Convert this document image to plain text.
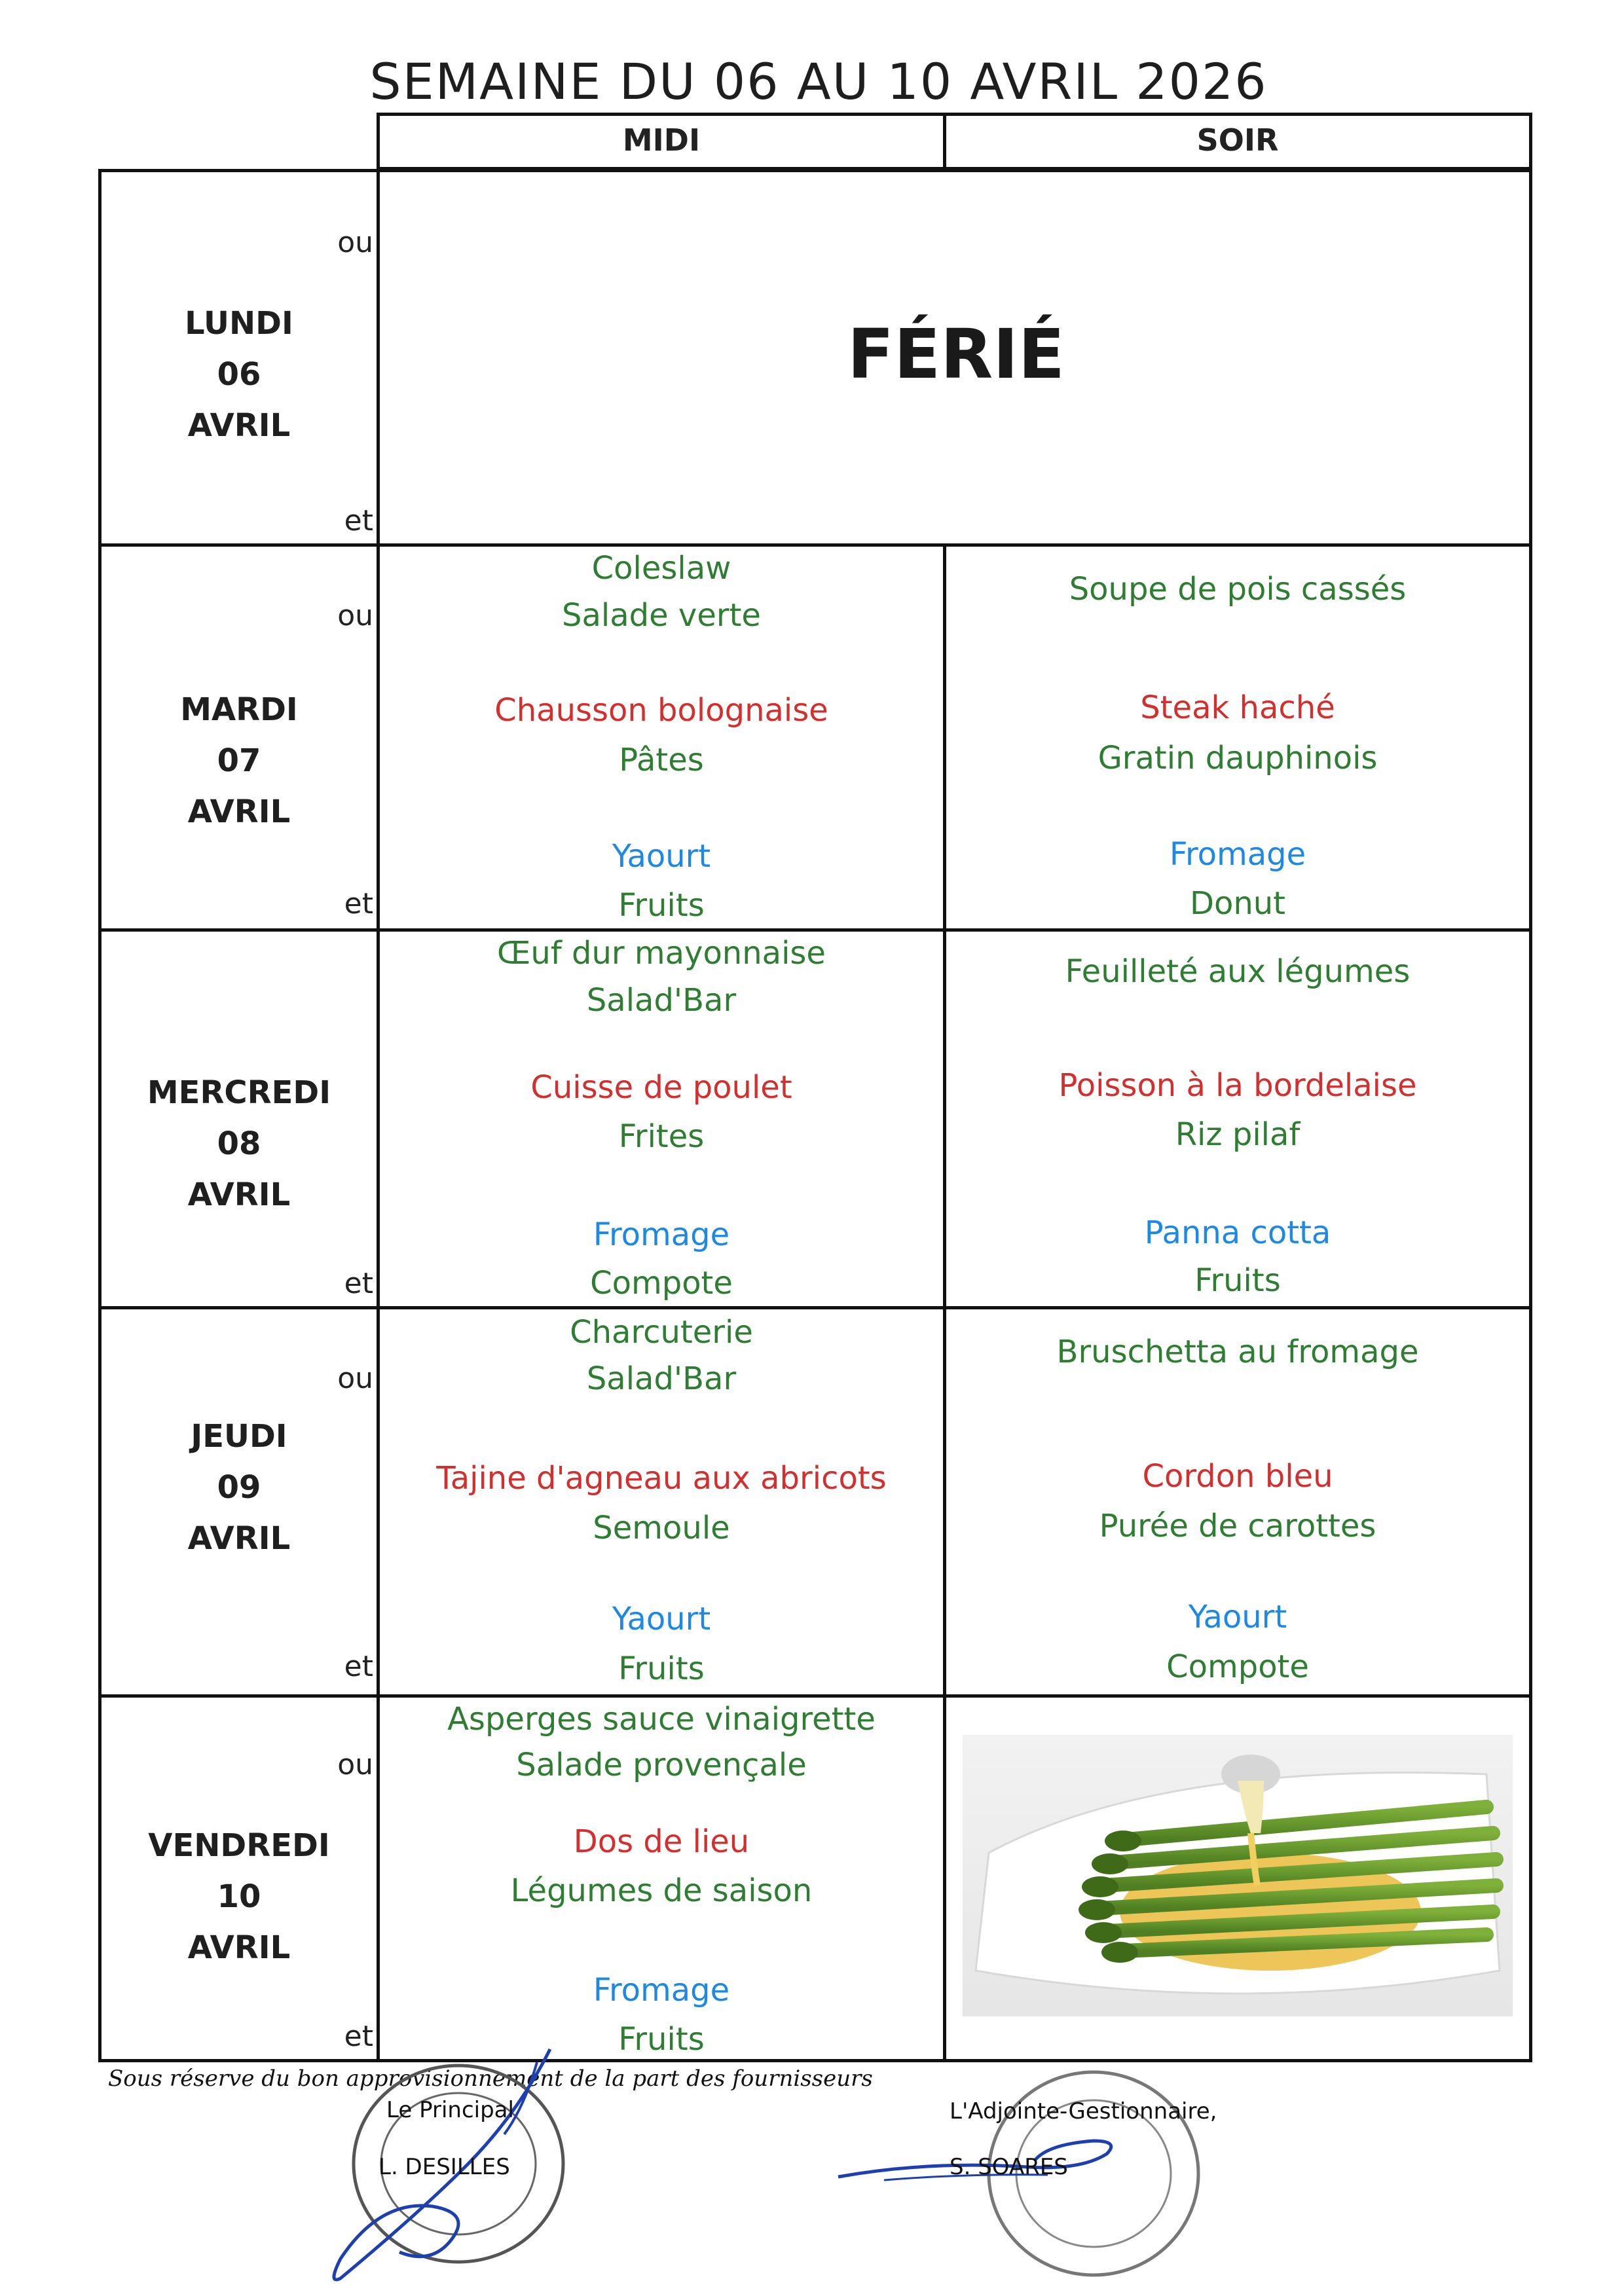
SEMAINE DU 06 AU 10 AVRIL 2026
MIDI	SOIR
ou
LUNDI
06
AVRIL
et
FÉRIÉ
ou
MARDI
07
AVRIL
et
Coleslaw
Salade verte
Chausson bolognaise
Pâtes
Yaourt
Fruits
Soupe de pois cassés
Steak haché
Gratin dauphinois
Fromage
Donut
MERCREDI
08
AVRIL
et
Œuf dur mayonnaise
Salad'Bar
Cuisse de poulet
Frites
Fromage
Compote
Feuilleté aux légumes
Poisson à la bordelaise
Riz pilaf
Panna cotta
Fruits
ou
JEUDI
09
AVRIL
et
Charcuterie
Salad'Bar
Tajine d'agneau aux abricots
Semoule
Yaourt
Fruits
Bruschetta au fromage
Cordon bleu
Purée de carottes
Yaourt
Compote
ou
VENDREDI
10
AVRIL
et
Asperges sauce vinaigrette
Salade provençale
Dos de lieu
Légumes de saison
Fromage
Fruits
Sous réserve du bon approvisionnement de la part des fournisseurs
Le Principal
L. DESILLES
L'Adjointe-Gestionnaire,
S. SOARES
